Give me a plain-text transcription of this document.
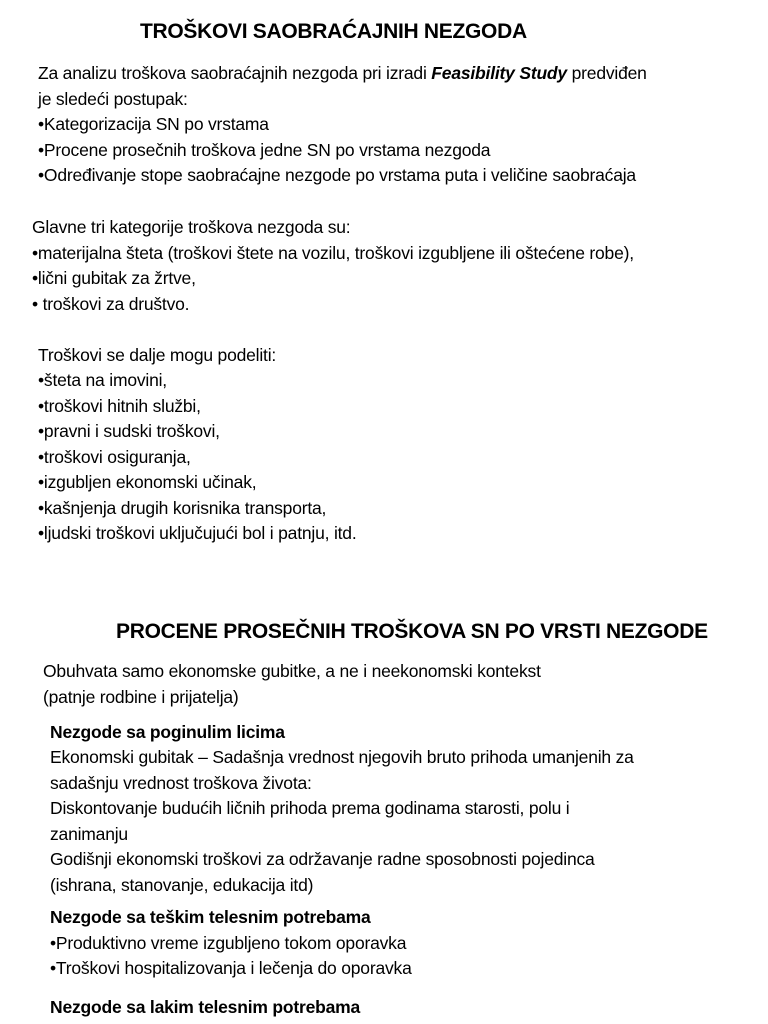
TROŠKOVI SAOBRAĆAJNIH NEZGODA
Za analizu troškova saobraćajnih nezgoda pri izradi Feasibility Study predviđen
je sledeći postupak:
•Kategorizacija SN po vrstama
•Procene prosečnih troškova jedne SN po vrstama nezgoda
•Određivanje stope saobraćajne nezgode po vrstama puta i veličine saobraćaja
Glavne tri kategorije troškova nezgoda su:
•materijalna šteta (troškovi štete na vozilu, troškovi izgubljene ili oštećene robe),
•lični gubitak za žrtve,
• troškovi za društvo.
Troškovi se dalje mogu podeliti:
•šteta na imovini,
•troškovi hitnih službi,
•pravni i sudski troškovi,
•troškovi osiguranja,
•izgubljen ekonomski učinak,
•kašnjenja drugih korisnika transporta,
•ljudski troškovi uključujući bol i patnju, itd.
PROCENE PROSEČNIH TROŠKOVA SN PO VRSTI NEZGODE
Obuhvata samo ekonomske gubitke, a ne i neekonomski kontekst
(patnje rodbine i prijatelja)
Nezgode sa poginulim licima
Ekonomski gubitak – Sadašnja vrednost njegovih bruto prihoda umanjenih za
sadašnju vrednost troškova života:
Diskontovanje budućih ličnih prihoda prema godinama starosti, polu i
zanimanju
Godišnji ekonomski troškovi za održavanje radne sposobnosti pojedinca
(ishrana, stanovanje, edukacija itd)
Nezgode sa teškim telesnim potrebama
•Produktivno vreme izgubljeno tokom oporavka
•Troškovi hospitalizovanja i lečenja do oporavka
Nezgode sa lakim telesnim potrebama
